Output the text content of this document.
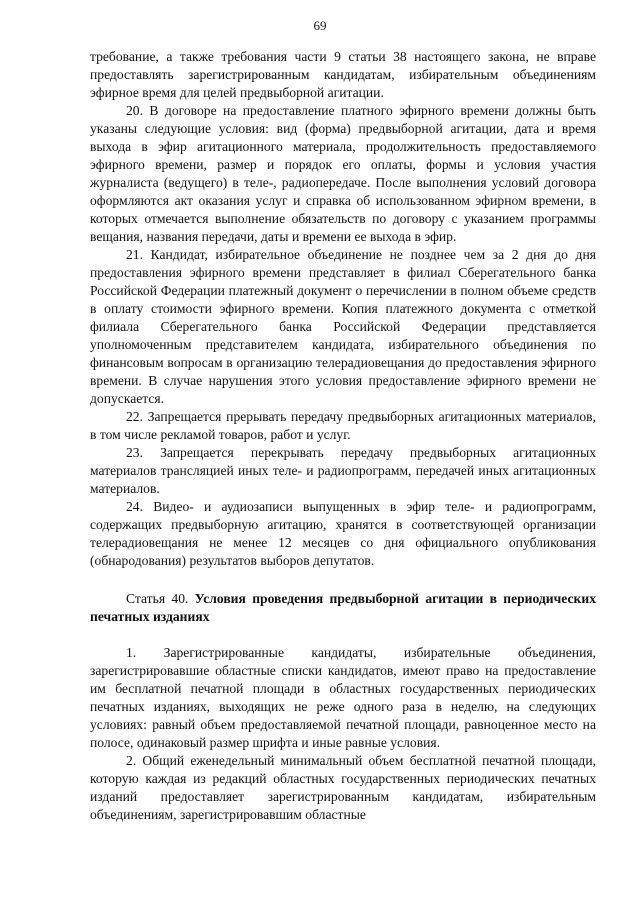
69

требование, а также требования части 9 статьи 38 настоящего закона, не вправе предоставлять зарегистрированным кандидатам, избирательным объединениям эфирное время для целей предвыборной агитации.

20. В договоре на предоставление платного эфирного времени должны быть указаны следующие условия: вид (форма) предвыборной агитации, дата и время выхода в эфир агитационного материала, продолжительность предоставляемого эфирного времени, размер и порядок его оплаты, формы и условия участия журналиста (ведущего) в теле-, радиопередаче. После выполнения условий договора оформляются акт оказания услуг и справка об использованном эфирном времени, в которых отмечается выполнение обязательств по договору с указанием программы вещания, названия передачи, даты и времени ее выхода в эфир.

21. Кандидат, избирательное объединение не позднее чем за 2 дня до дня предоставления эфирного времени представляет в филиал Сберегательного банка Российской Федерации платежный документ о перечислении в полном объеме средств в оплату стоимости эфирного времени. Копия платежного документа с отметкой филиала Сберегательного банка Российской Федерации представляется уполномоченным представителем кандидата, избирательного объединения по финансовым вопросам в организацию телерадиовещания до предоставления эфирного времени. В случае нарушения этого условия предоставление эфирного времени не допускается.

22. Запрещается прерывать передачу предвыборных агитационных материалов, в том числе рекламой товаров, работ и услуг.

23. Запрещается перекрывать передачу предвыборных агитационных материалов трансляцией иных теле- и радиопрограмм, передачей иных агитационных материалов.

24. Видео- и аудиозаписи выпущенных в эфир теле- и радиопрограмм, содержащих предвыборную агитацию, хранятся в соответствующей организации телерадиовещания не менее 12 месяцев со дня официального опубликования (обнародования) результатов выборов депутатов.

Статья 40. Условия проведения предвыборной агитации в периодических печатных изданиях

1. Зарегистрированные кандидаты, избирательные объединения, зарегистрировавшие областные списки кандидатов, имеют право на предоставление им бесплатной печатной площади в областных государственных периодических печатных изданиях, выходящих не реже одного раза в неделю, на следующих условиях: равный объем предоставляемой печатной площади, равноценное место на полосе, одинаковый размер шрифта и иные равные условия.

2. Общий еженедельный минимальный объем бесплатной печатной площади, которую каждая из редакций областных государственных периодических печатных изданий предоставляет зарегистрированным кандидатам, избирательным объединениям, зарегистрировавшим областные
